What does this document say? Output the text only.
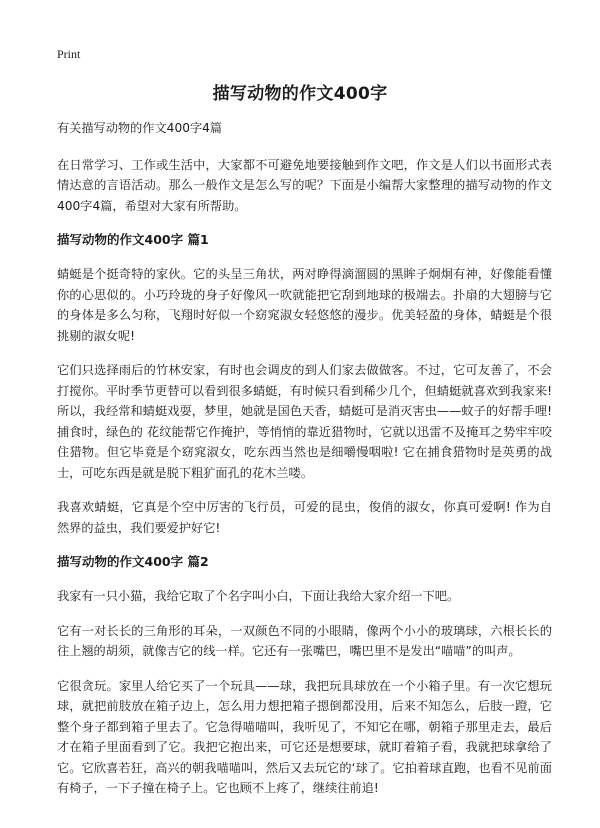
Print
描写动物的作文400字

有关描写动物的作文400字4篇

在日常学习、工作或生活中，大家都不可避免地要接触到作文吧，作文是人们以书面形式表情达意的言语活动。那么一般作文是怎么写的呢？下面是小编帮大家整理的描写动物的作文400字4篇，希望对大家有所帮助。

描写动物的作文400字 篇1

蜻蜓是个挺奇特的家伙。它的头呈三角状，两对睁得滴溜圆的黑眸子炯炯有神，好像能看懂你的心思似的。小巧玲珑的身子好像风一吹就能把它刮到地球的极端去。扑扇的大翅膀与它的身体是多么匀称，飞翔时好似一个窈窕淑女轻悠悠的漫步。优美轻盈的身体，蜻蜓是个很挑剔的淑女呢!

它们只选择雨后的竹林安家，有时也会调皮的到人们家去做做客。不过，它可友善了，不会打搅你。平时季节更替可以看到很多蜻蜓，有时候只看到稀少几个，但蜻蜓就喜欢到我家来! 所以，我经常和蜻蜓戏耍，梦里，她就是国色天香，蜻蜓可是消灭害虫——蚊子的好帮手哩! 捕食时，绿色的 花纹能帮它作掩护，等悄悄的靠近猎物时，它就以迅雷不及掩耳之势牢牢咬住猎物。但它毕竟是个窈窕淑女，吃东西当然也是细嚼慢咽啦! 它在捕食猎物时是英勇的战士，可吃东西是就是脱下粗犷面孔的花木兰喽。

我喜欢蜻蜓，它真是个空中厉害的飞行员，可爱的昆虫，俊俏的淑女，你真可爱啊! 作为自然界的益虫，我们要爱护好它!

描写动物的作文400字 篇2

我家有一只小猫，我给它取了个名字叫小白，下面让我给大家介绍一下吧。

它有一对长长的三角形的耳朵，一双颜色不同的小眼睛，像两个小小的玻璃球，六根长长的往上翘的胡须，就像吉它的线一样。它还有一张嘴巴，嘴巴里不是发出“喵喵”的叫声。

它很贪玩。家里人给它买了一个玩具——球，我把玩具球放在一个小箱子里。有一次它想玩球，就把前肢放在箱子边上，怎么用力想把箱子摁倒都没用，后来不知怎么，后肢一蹬，它整个身子都到箱子里去了。它急得喵喵叫，我听见了，不知它在哪，朝箱子那里走去，最后才在箱子里面看到了它。我把它抱出来，可它还是想要球，就盯着箱子看，我就把球拿给了它。它欣喜若狂，高兴的朝我喵喵叫，然后又去玩它的‘球了。它拍着球直跑，也看不见前面有椅子，一下子撞在椅子上。它也顾不上疼了，继续往前追!
